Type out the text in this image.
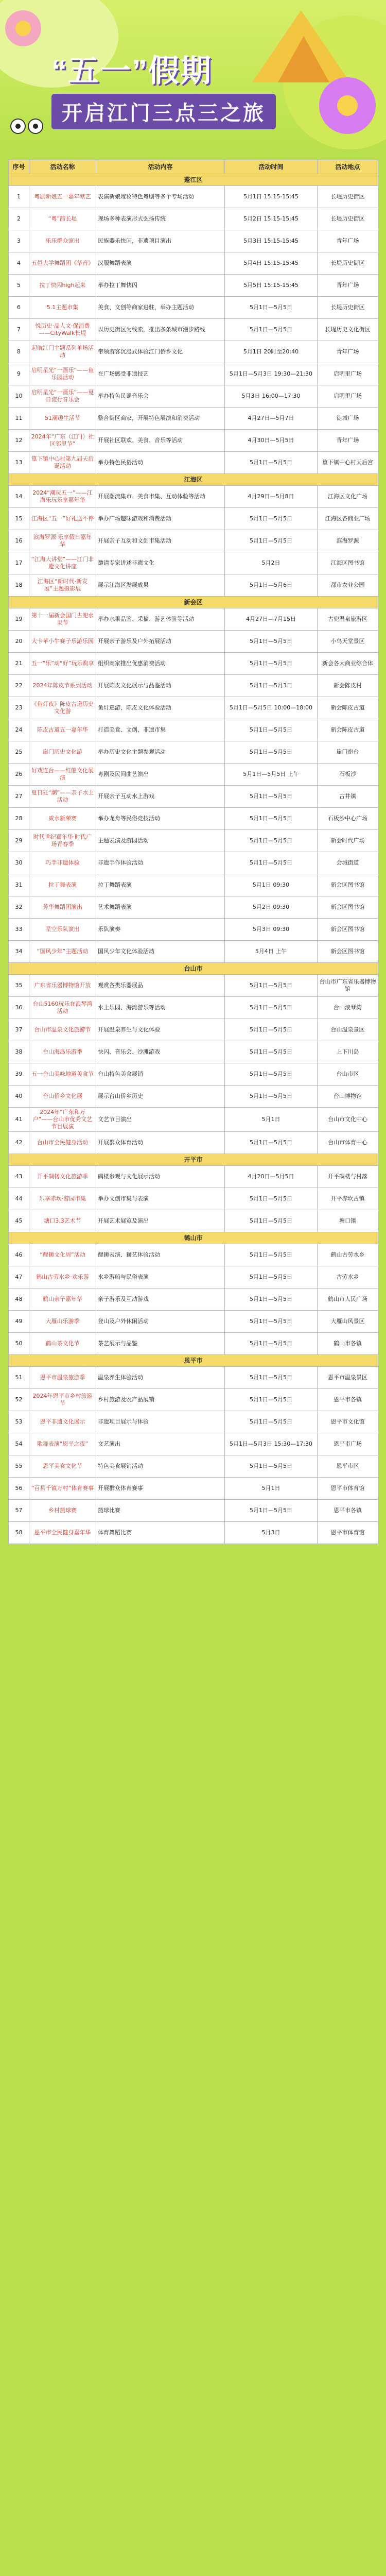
“五一”假期
开启江门三点三之旅
序号	活动名称	活动内容	活动时间	活动地点
蓬江区				
1	粤剧新娘五一嘉年献艺	表演新娘嫁妆特色粤剧等多个专场活动	5月1日 15:15-15:45	长堤历史街区
2	“粤”韵长堤	现场多种表演形式弘扬传统	5月2日 15:15-15:45	长堤历史街区
3	乐乐群众演出	民族器乐快闪，非遗项目演出	5月3日 15:15-15:45	青年广场
4	五邑大学舞蹈团《华音》	汉服舞蹈表演	5月4日 15:15-15:45	长堤历史街区
5	拉丁快闪high起来	举办拉丁舞快闪	5月5日 15:15-15:45	青年广场
6	5.1主题市集	美食、文创等商家进驻，举办主题活动	5月1日—5月5日	长堤历史街区
7	悦历史·品人文·促消费——CityWalk长堤	以历史街区为线索，推出多条城市漫步路线	5月1日—5月5日	长堤历史文化街区
8	起航江门主题系列单场活动	带领游客沉浸式体验江门侨乡文化	5月1日 20时至20:40	青年广场
9	启明星光“一画乐”——鱼乐园活动	在广场感受非遗技艺	5月1日—5月3日 19:30—21:30	启明里广场
10	启明星光“一画乐”——夏日流行音乐会	举办特色民谣音乐会	5月3日 16:00—17:30	启明里广场
11	51潮趣生活节	整合街区商家，开展特色展演和消费活动	4月27日—5月7日	徒城广场
12	2024年“广东（江门）社区邻里节”	开展社区联欢、美食、音乐等活动	4月30日—5月5日	青年广场
13	篁下镇中心村第九届天后诞活动	举办特色民俗活动	5月1日—5月5日	篁下镇中心村天后宫
江海区				
14	2024“潮玩五一”——江海乐玩乐享嘉年华	开展潮流集市、美食市集、互动体验等活动	4月29日—5月8日	江海区文化广场
15	江海区“五一”好礼送不停	举办广场趣味游戏和消费活动	5月1日—5月5日	江海区各商业广场
16	滨海罗源·乐享假日嘉年华	开展亲子互动和文创市集活动	5月1日—5月5日	滨海罗源
17	“江海大讲堂”——江门非遗文化讲座	邀请专家讲述非遗文化	5月2日	江海区图书馆
18	江海区“新时代·新发展”主题摄影展	展示江海区发展成果	5月1日—5月6日	都市农业公园
新会区				
19	第十一届新会国门古兜水果节	举办水果品鉴、采摘、游艺体验等活动	4月27日—7月15日	古兜温泉旅游区
20	大卡苹小牛赛子乐游乐园	开展亲子游乐及户外拓展活动	5月1日—5月5日	小鸟天堂景区
21	五一“乐”动“好”玩乐购享	组织商家推出优惠消费活动	5月1日—5月5日	新会各大商业综合体
22	2024年陈皮节系列活动	开展陈皮文化展示与品鉴活动	5月1日—5月3日	新会陈皮村
23	《鱼灯夜》陈皮古道历史文化游	鱼灯巡游、陈皮文化体验活动	5月1日—5月5日 10:00—18:00	新会陈皮古道
24	陈皮古道五一嘉年华	打造美食、文创、非遗市集	5月1日—5月5日	新会陈皮古道
25	崖门历史文化游	举办历史文化主题参观活动	5月1日—5月5日	崖门炮台
26	好戏连台——红船文化展演	粤剧及民间曲艺演出	5月1日—5月5日 上午	石板沙
27	夏日狂“潮”——亲子水上活动	开展亲子互动水上游戏	5月1日—5月5日	古井镇
28	威水新荣赛	举办龙舟等民俗竞技活动	5月1日—5月5日	石板沙中心广场
29	时代世纪嘉年华·时代广场青春季	主题表演及游园活动	5月1日—5月5日	新会时代广场
30	巧手非遗体验	非遗手作体验活动	5月1日—5月5日	会城街道
31	拉丁舞表演	拉丁舞蹈表演	5月1日 09:30	新会区图书馆
32	芳华舞蹈团演出	艺术舞蹈表演	5月2日 09:30	新会区图书馆
33	星空乐队演出	乐队演奏	5月3日 09:30	新会区图书馆
34	“国风少年”主题活动	国风少年文化体验活动	5月4日 上午	新会区图书馆
台山市				
35	广东省乐器博物馆开放	观赏各类乐器展品	5月1日—5月5日	台山市广东省乐器博物馆
36	台山5160玩乐在浪琴湾活动	水上乐园、海滩游乐等活动	5月1日—5月5日	台山浪琴湾
37	台山市温泉文化旅游节	开展温泉养生与文化体验	5月1日—5月5日	台山温泉景区
38	台山海岛乐游季	快闪、音乐会、沙滩游戏	5月1日—5月5日	上下川岛
39	五一台山美味地道美食节	台山特色美食展销	5月1日—5月5日	台山市区
40	台山侨乡文化展	展示台山侨乡历史	5月1日—5月5日	台山博物馆
41	2024年“广东和万户”——台山市优秀文艺节目展演	文艺节目演出	5月1日	台山市文化中心
42	台山市全民健身活动	开展群众体育活动	5月1日—5月5日	台山市体育中心
开平市				
43	开平碉楼文化旅游季	碉楼参观与文化展示活动	4月20日—5月5日	开平碉楼与村落
44	乐享赤坎·游园市集	举办文创市集与表演	5月1日—5月5日	开平赤坎古镇
45	塘口3.3艺术节	开展艺术展览及演出	5月1日—5月5日	塘口镇
鹤山市				
46	“醒狮文化周”活动	醒狮表演、狮艺体验活动	5月1日—5月5日	鹤山古劳水乡
47	鹤山古劳水乡·欢乐游	水乡游船与民俗表演	5月1日—5月5日	古劳水乡
48	鹤山亲子嘉年华	亲子游乐及互动游戏	5月1日—5月5日	鹤山市人民广场
49	大雁山乐游季	登山及户外休闲活动	5月1日—5月5日	大雁山风景区
50	鹤山茶文化节	茶艺展示与品鉴	5月1日—5月5日	鹤山市各镇
恩平市				
51	恩平市温泉旅游季	温泉养生体验活动	5月1日—5月5日	恩平市温泉景区
52	2024年恩平市乡村旅游节	乡村旅游及农产品展销	5月1日—5月5日	恩平市各镇
53	恩平非遗文化展示	非遗项目展示与体验	5月1日—5月5日	恩平市文化馆
54	歌舞表演“恩平之夜”	文艺演出	5月1日—5月3日 15:30—17:30	恩平市广场
55	恩平美食文化节	特色美食展销活动	5月1日—5月5日	恩平市区
56	“百县千镇万村”体育赛事	开展群众体育赛事	5月1日	恩平市体育馆
57	乡村篮球赛	篮球比赛	5月1日—5月5日	恩平市各镇
58	恩平市全民健身嘉年华	体育舞蹈比赛	5月3日	恩平市体育馆
